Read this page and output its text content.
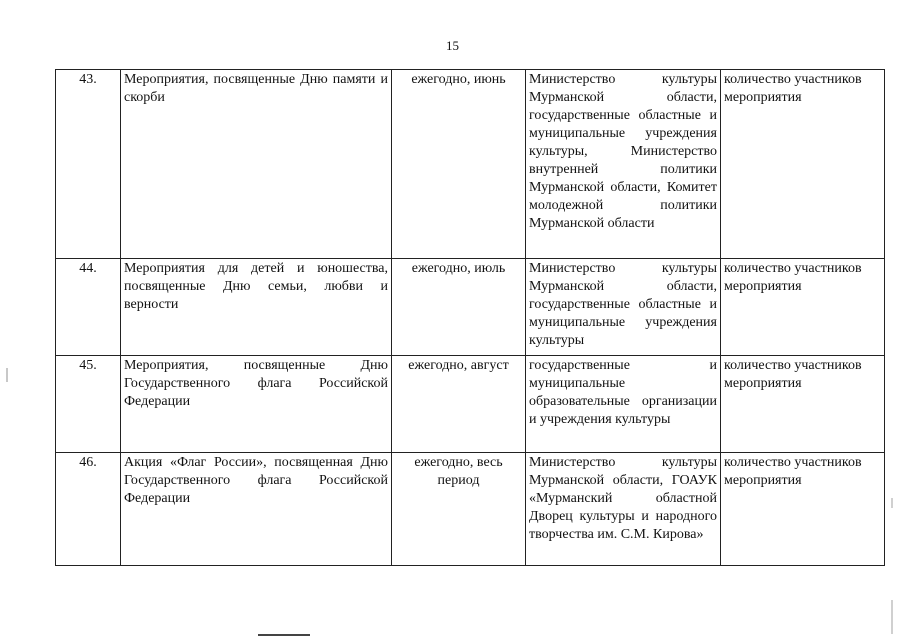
15
43.	Мероприятия, посвященные Дню памяти и скорби	ежегодно, июнь	Министерство культуры Мурманской области, государственные областные и муниципальные учреждения культуры, Министерство внутренней политики Мурманской области, Комитет молодежной политики Мурманской области	количество участников мероприятия
44.	Мероприятия для детей и юношества, посвященные Дню семьи, любви и верности	ежегодно, июль	Министерство культуры Мурманской области, государственные областные и муниципальные учреждения культуры	количество участников мероприятия
45.	Мероприятия, посвященные Дню Государственного флага Российской Федерации	ежегодно, август	государственные и муниципальные образовательные организации и учреждения культуры	количество участников мероприятия
46.	Акция «Флаг России», посвященная Дню Государственного флага Российской Федерации	ежегодно, весь период	Министерство культуры Мурманской области, ГОАУК «Мурманский областной Дворец культуры и народного творчества им. С.М. Кирова»	количество участников мероприятия
